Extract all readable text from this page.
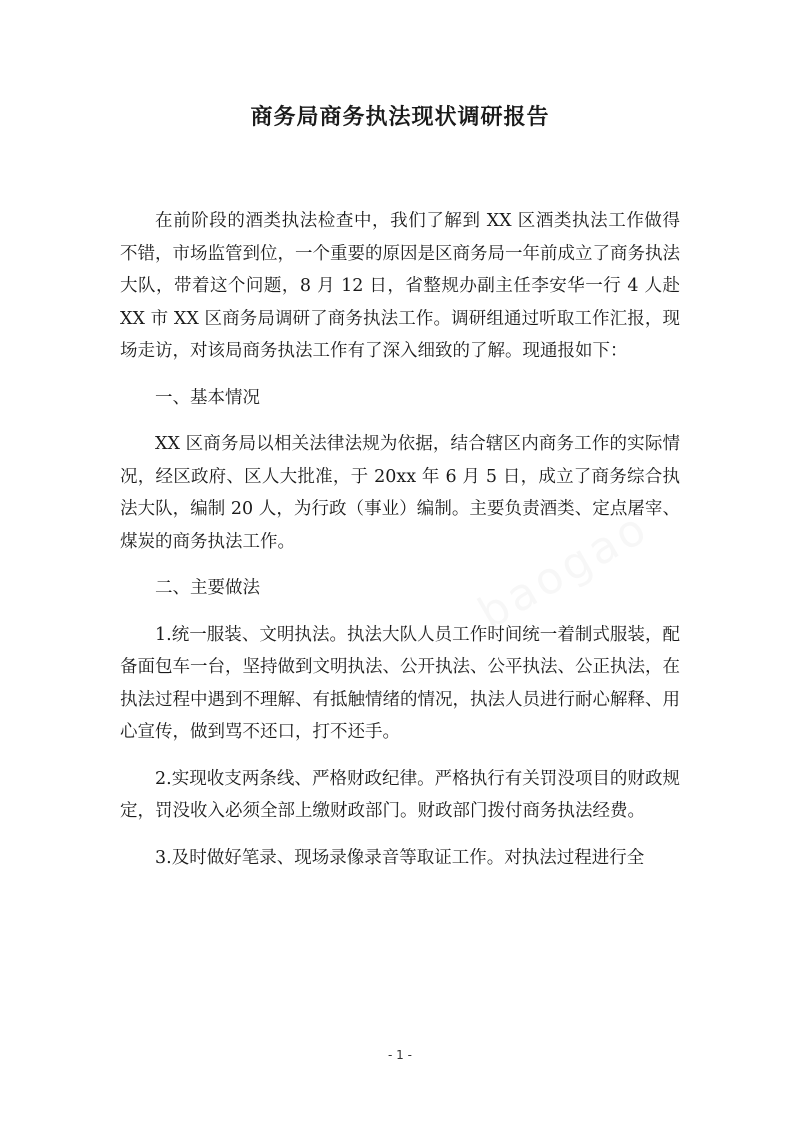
商务局商务执法现状调研报告
baogao

在前阶段的酒类执法检查中，我们了解到 XX 区酒类执法工作做得不错，市场监管到位，一个重要的原因是区商务局一年前成立了商务执法大队，带着这个问题，8 月 12 日，省整规办副主任李安华一行 4 人赴 XX 市 XX 区商务局调研了商务执法工作。调研组通过听取工作汇报，现场走访，对该局商务执法工作有了深入细致的了解。现通报如下：

一、基本情况

XX 区商务局以相关法律法规为依据，结合辖区内商务工作的实际情况，经区政府、区人大批准，于 20xx 年 6 月 5 日，成立了商务综合执法大队，编制 20 人，为行政（事业）编制。主要负责酒类、定点屠宰、煤炭的商务执法工作。

二、主要做法

1.统一服装、文明执法。执法大队人员工作时间统一着制式服装，配备面包车一台，坚持做到文明执法、公开执法、公平执法、公正执法，在执法过程中遇到不理解、有抵触情绪的情况，执法人员进行耐心解释、用心宣传，做到骂不还口，打不还手。

2.实现收支两条线、严格财政纪律。严格执行有关罚没项目的财政规定，罚没收入必须全部上缴财政部门。财政部门拨付商务执法经费。

3.及时做好笔录、现场录像录音等取证工作。对执法过程进行全

- 1 -
